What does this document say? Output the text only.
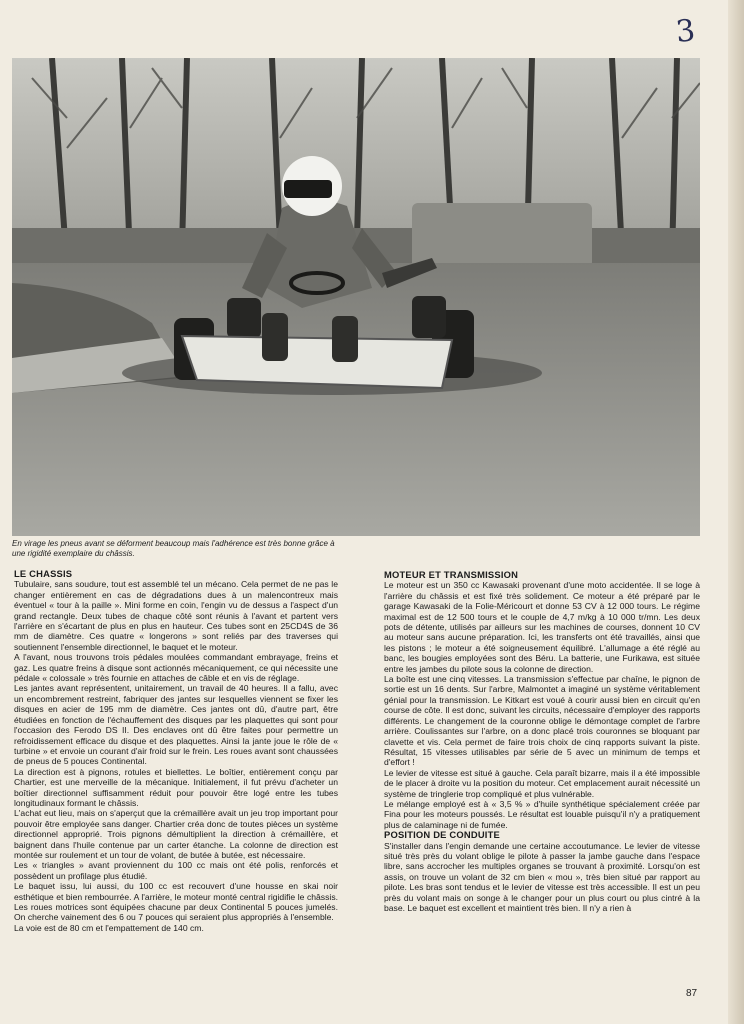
3
En virage les pneus avant se déforment beaucoup mais l'adhérence est très bonne grâce à une rigidité exemplaire du châssis.

LE CHASSIS

Tubulaire, sans soudure, tout est assemblé tel un mécano. Cela permet de ne pas le changer entièrement en cas de dégradations dues à un malencontreux mais éventuel « tour à la paille ». Mini forme en coin, l'engin vu de dessus a l'aspect d'un grand rectangle. Deux tubes de chaque côté sont réunis à l'avant et partent vers l'arrière en s'écartant de plus en plus en hauteur. Ces tubes sont en 25CD4S de 36 mm de diamètre. Ces quatre « longerons » sont reliés par des traverses qui soutiennent l'ensemble directionnel, le baquet et le moteur.

A l'avant, nous trouvons trois pédales moulées commandant embrayage, freins et gaz. Les quatre freins à disque sont actionnés mécaniquement, ce qui nécessite une pédale « colossale » très fournie en attaches de câble et en vis de réglage.

Les jantes avant représentent, unitairement, un travail de 40 heures. Il a fallu, avec un encombrement restreint, fabriquer des jantes sur lesquelles viennent se fixer les disques en acier de 195 mm de diamètre. Ces jantes ont dû, d'autre part, être étudiées en fonction de l'échauffement des disques par les plaquettes qui sont pour l'occasion des Ferodo DS II. Des enclaves ont dû être faites pour permettre un refroidissement efficace du disque et des plaquettes. Ainsi la jante joue le rôle de « turbine » et envoie un courant d'air froid sur le frein. Les roues avant sont chaussées de pneus de 5 pouces Continental.

La direction est à pignons, rotules et biellettes. Le boîtier, entièrement conçu par Chartier, est une merveille de la mécanique. Initialement, il fut prévu d'acheter un boîtier directionnel suffisamment réduit pour pouvoir être logé entre les tubes longitudinaux formant le châssis.

L'achat eut lieu, mais on s'aperçut que la crémaillère avait un jeu trop important pour pouvoir être employée sans danger. Chartier créa donc de toutes pièces un système directionnel approprié. Trois pignons démultiplient la direction à crémaillère, et baignent dans l'huile contenue par un carter étanche. La colonne de direction est montée sur roulement et un tour de volant, de butée à butée, est nécessaire.

Les « triangles » avant proviennent du 100 cc mais ont été polis, renforcés et possèdent un profilage plus étudié.

Le baquet issu, lui aussi, du 100 cc est recouvert d'une housse en skai noir esthétique et bien rembourrée. A l'arrière, le moteur monté central rigidifie le châssis. Les roues motrices sont équipées chacune par deux Continental 5 pouces jumelés. On cherche vainement des 6 ou 7 pouces qui seraient plus appropriés à l'ensemble.

La voie est de 80 cm et l'empattement de 140 cm.

MOTEUR ET TRANSMISSION

Le moteur est un 350 cc Kawasaki provenant d'une moto accidentée. Il se loge à l'arrière du châssis et est fixé très solidement. Ce moteur a été préparé par le garage Kawasaki de la Folie-Méricourt et donne 53 CV à 12 000 tours. Le régime maximal est de 12 500 tours et le couple de 4,7 m/kg à 10 000 tr/mn. Les deux pots de détente, utilisés par ailleurs sur les machines de courses, donnent 10 CV au moteur sans aucune préparation. Ici, les transferts ont été travaillés, ainsi que les pistons ; le moteur a été soigneusement équilibré. L'allumage a été réglé au banc, les bougies employées sont des Béru. La batterie, une Furikawa, est située entre les jambes du pilote sous la colonne de direction.

La boîte est une cinq vitesses. La transmission s'effectue par chaîne, le pignon de sortie est un 16 dents. Sur l'arbre, Malmontet a imaginé un système véritablement génial pour la transmission. Le Kitkart est voué à courir aussi bien en circuit qu'en course de côte. Il est donc, suivant les circuits, nécessaire d'employer des rapports différents. Le changement de la couronne oblige le démontage complet de l'arbre arrière. Coulissantes sur l'arbre, on a donc placé trois couronnes se bloquant par clavette et vis. Cela permet de faire trois choix de cinq rapports suivant la piste. Résultat, 15 vitesses utilisables par série de 5 avec un minimum de temps et d'effort !

Le levier de vitesse est situé à gauche. Cela paraît bizarre, mais il a été impossible de le placer à droite vu la position du moteur. Cet emplacement aurait nécessité un système de tringlerie trop compliqué et plus vulnérable.

Le mélange employé est à « 3,5 % » d'huile synthétique spécialement créée par Fina pour les moteurs poussés. Le résultat est louable puisqu'il n'y a pratiquement plus de calaminage ni de fumée.

POSITION DE CONDUITE

S'installer dans l'engin demande une certaine accoutumance. Le levier de vitesse situé très près du volant oblige le pilote à passer la jambe gauche dans l'espace libre, sans accrocher les multiples organes se trouvant à proximité. Lorsqu'on est assis, on trouve un volant de 32 cm bien « mou », très bien situé par rapport au pilote. Les bras sont tendus et le levier de vitesse est très accessible. Il est un peu près du volant mais on songe à le changer pour un plus court ou plus cintré à la base. Le baquet est excellent et maintient très bien. Il n'y a rien à

87
